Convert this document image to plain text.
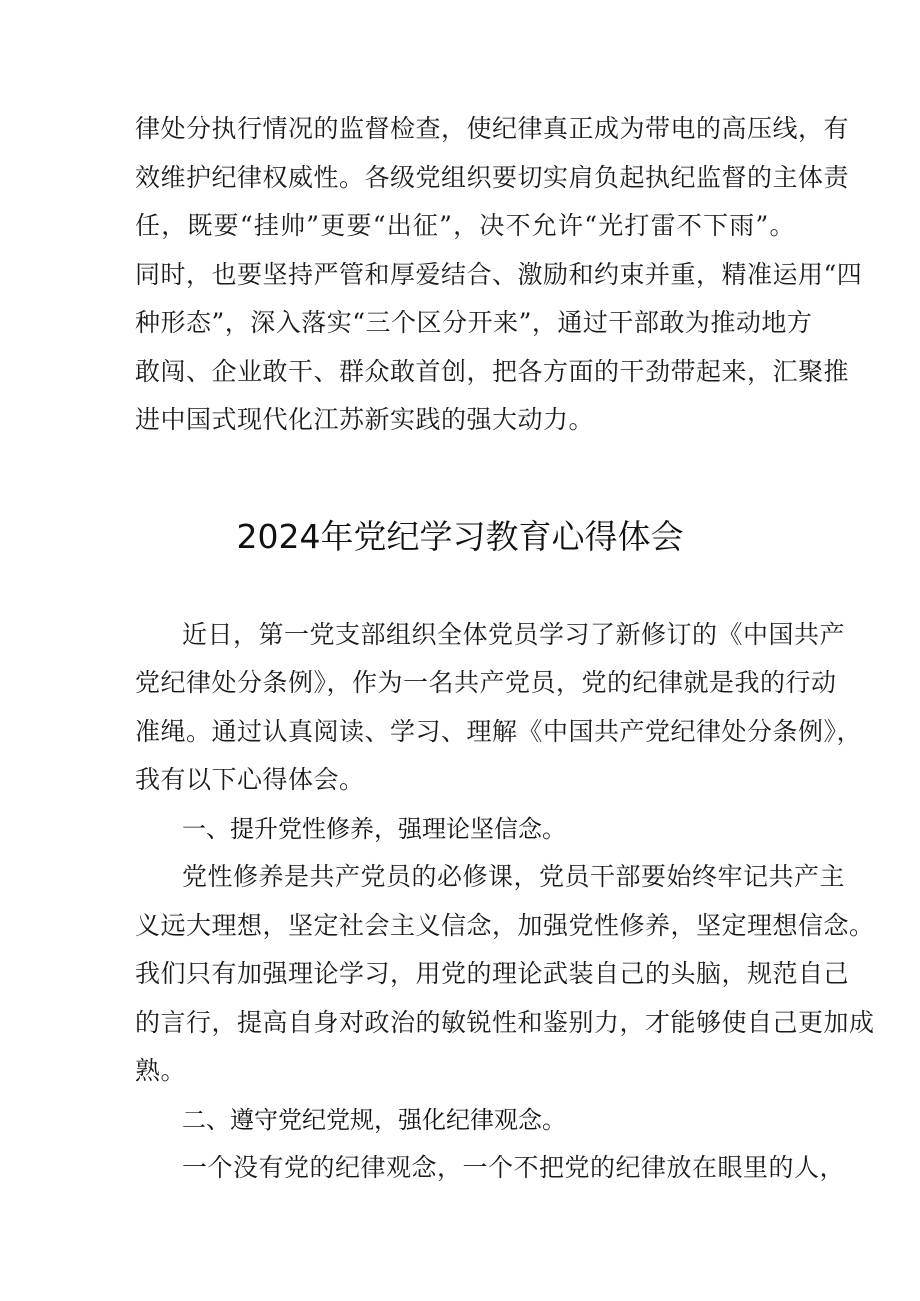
律处分执行情况的监督检查，使纪律真正成为带电的高压线，有
效维护纪律权威性。各级党组织要切实肩负起执纪监督的主体责
任，既要“挂帅”更要“出征”，决不允许“光打雷不下雨”。
同时，也要坚持严管和厚爱结合、激励和约束并重，精准运用“四
种形态”，深入落实“三个区分开来”，通过干部敢为推动地方
敢闯、企业敢干、群众敢首创，把各方面的干劲带起来，汇聚推
进中国式现代化江苏新实践的强大动力。
2024年党纪学习教育心得体会
近日，第一党支部组织全体党员学习了新修订的《中国共产
党纪律处分条例》，作为一名共产党员，党的纪律就是我的行动
准绳。通过认真阅读、学习、理解《中国共产党纪律处分条例》，
我有以下心得体会。
一、提升党性修养，强理论坚信念。
党性修养是共产党员的必修课，党员干部要始终牢记共产主
义远大理想，坚定社会主义信念，加强党性修养，坚定理想信念。
我们只有加强理论学习，用党的理论武装自己的头脑，规范自己
的言行，提高自身对政治的敏锐性和鉴别力，才能够使自己更加成
熟。
二、遵守党纪党规，强化纪律观念。
一个没有党的纪律观念，一个不把党的纪律放在眼里的人，
